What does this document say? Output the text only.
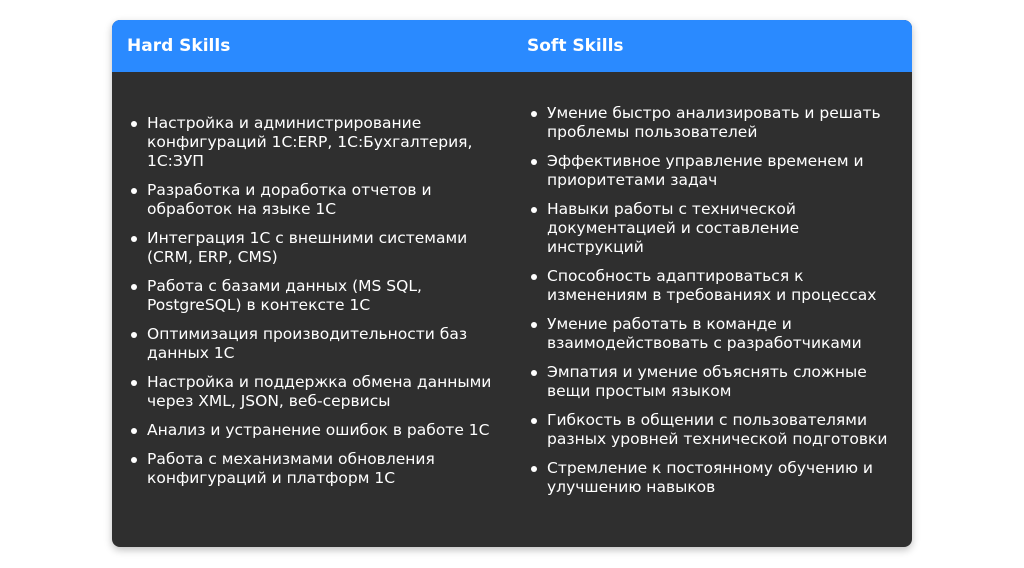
Hard Skills	Soft Skills
Настройка и администрирование конфигураций 1С:ERP, 1С:Бухгалтерия, 1С:ЗУП
Разработка и доработка отчетов и обработок на языке 1С
Интеграция 1С с внешними системами (CRM, ERP, CMS)
Работа с базами данных (MS SQL, PostgreSQL) в контексте 1С
Оптимизация производительности баз данных 1С
Настройка и поддержка обмена данными через XML, JSON, веб-сервисы
Анализ и устранение ошибок в работе 1С
Работа с механизмами обновления конфигураций и платформ 1С
Умение быстро анализировать и решать проблемы пользователей
Эффективное управление временем и приоритетами задач
Навыки работы с технической документацией и составление инструкций
Способность адаптироваться к изменениям в требованиях и процессах
Умение работать в команде и взаимодействовать с разработчиками
Эмпатия и умение объяснять сложные вещи простым языком
Гибкость в общении с пользователями разных уровней технической подготовки
Стремление к постоянному обучению и улучшению навыков
